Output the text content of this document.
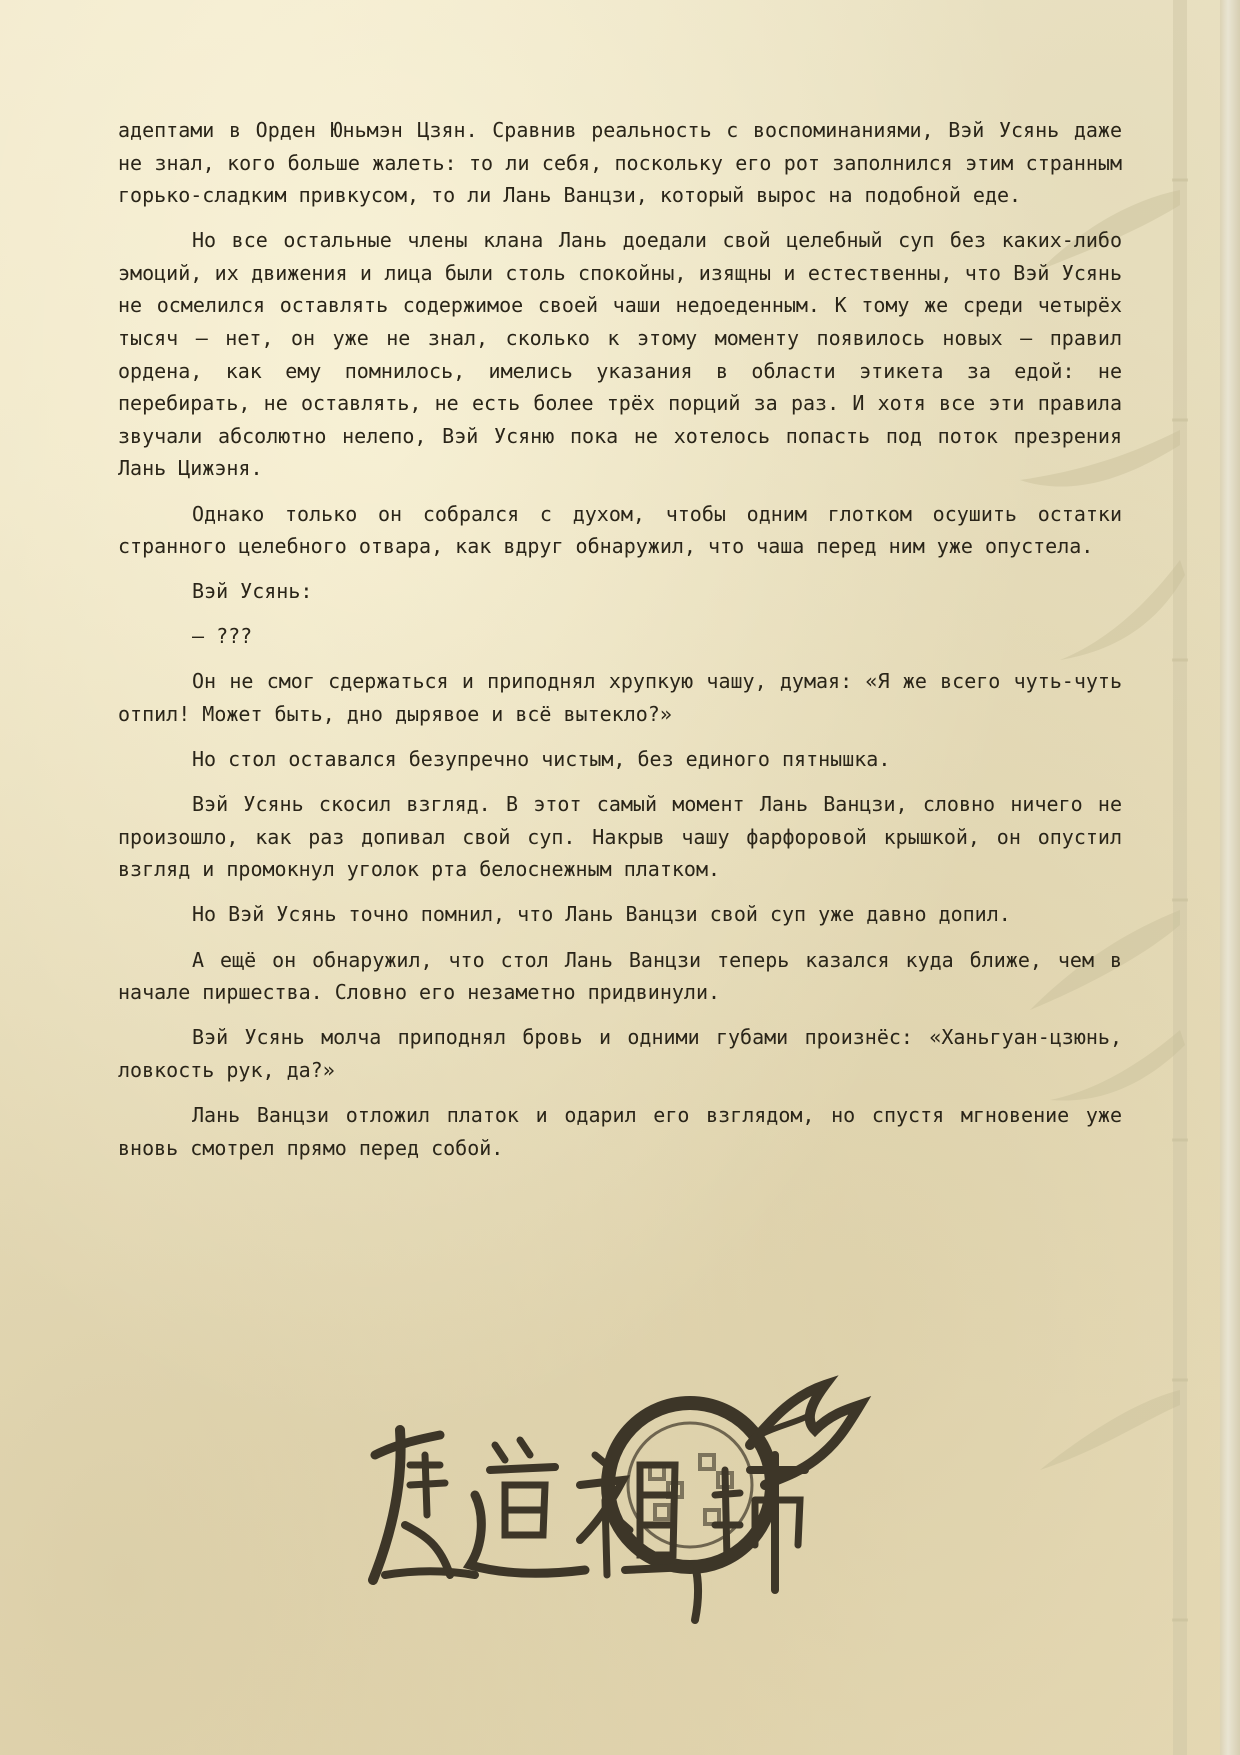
адептами в Орден Юньмэн Цзян. Сравнив реальность с воспоминаниями, Вэй Усянь даже не знал, кого больше жалеть: то ли себя, поскольку его рот заполнился этим странным горько-сладким привкусом, то ли Лань Ванцзи, который вырос на подобной еде.

Но все остальные члены клана Лань доедали свой целебный суп без каких-либо эмоций, их движения и лица были столь спокойны, изящны и естественны, что Вэй Усянь не осмелился оставлять содержимое своей чаши недоеденным. К тому же среди четырёх тысяч — нет, он уже не знал, сколько к этому моменту появилось новых — правил ордена, как ему помнилось, имелись указания в области этикета за едой: не перебирать, не оставлять, не есть более трёх порций за раз. И хотя все эти правила звучали абсолютно нелепо, Вэй Усяню пока не хотелось попасть под поток презрения Лань Цижэня.

Однако только он собрался с духом, чтобы одним глотком осушить остатки странного целебного отвара, как вдруг обнаружил, что чаша перед ним уже опустела.

Вэй Усянь:

— ???

Он не смог сдержаться и приподнял хрупкую чашу, думая: «Я же всего чуть-чуть отпил! Может быть, дно дырявое и всё вытекло?»

Но стол оставался безупречно чистым, без единого пятнышка.

Вэй Усянь скосил взгляд. В этот самый момент Лань Ванцзи, словно ничего не произошло, как раз допивал свой суп. Накрыв чашу фарфоровой крышкой, он опустил взгляд и промокнул уголок рта белоснежным платком.

Но Вэй Усянь точно помнил, что Лань Ванцзи свой суп уже давно допил.

А ещё он обнаружил, что стол Лань Ванцзи теперь казался куда ближе, чем в начале пиршества. Словно его незаметно придвинули.

Вэй Усянь молча приподнял бровь и одними губами произнёс: «Ханьгуан-цзюнь, ловкость рук, да?»

Лань Ванцзи отложил платок и одарил его взглядом, но спустя мгновение уже вновь смотрел прямо перед собой.
